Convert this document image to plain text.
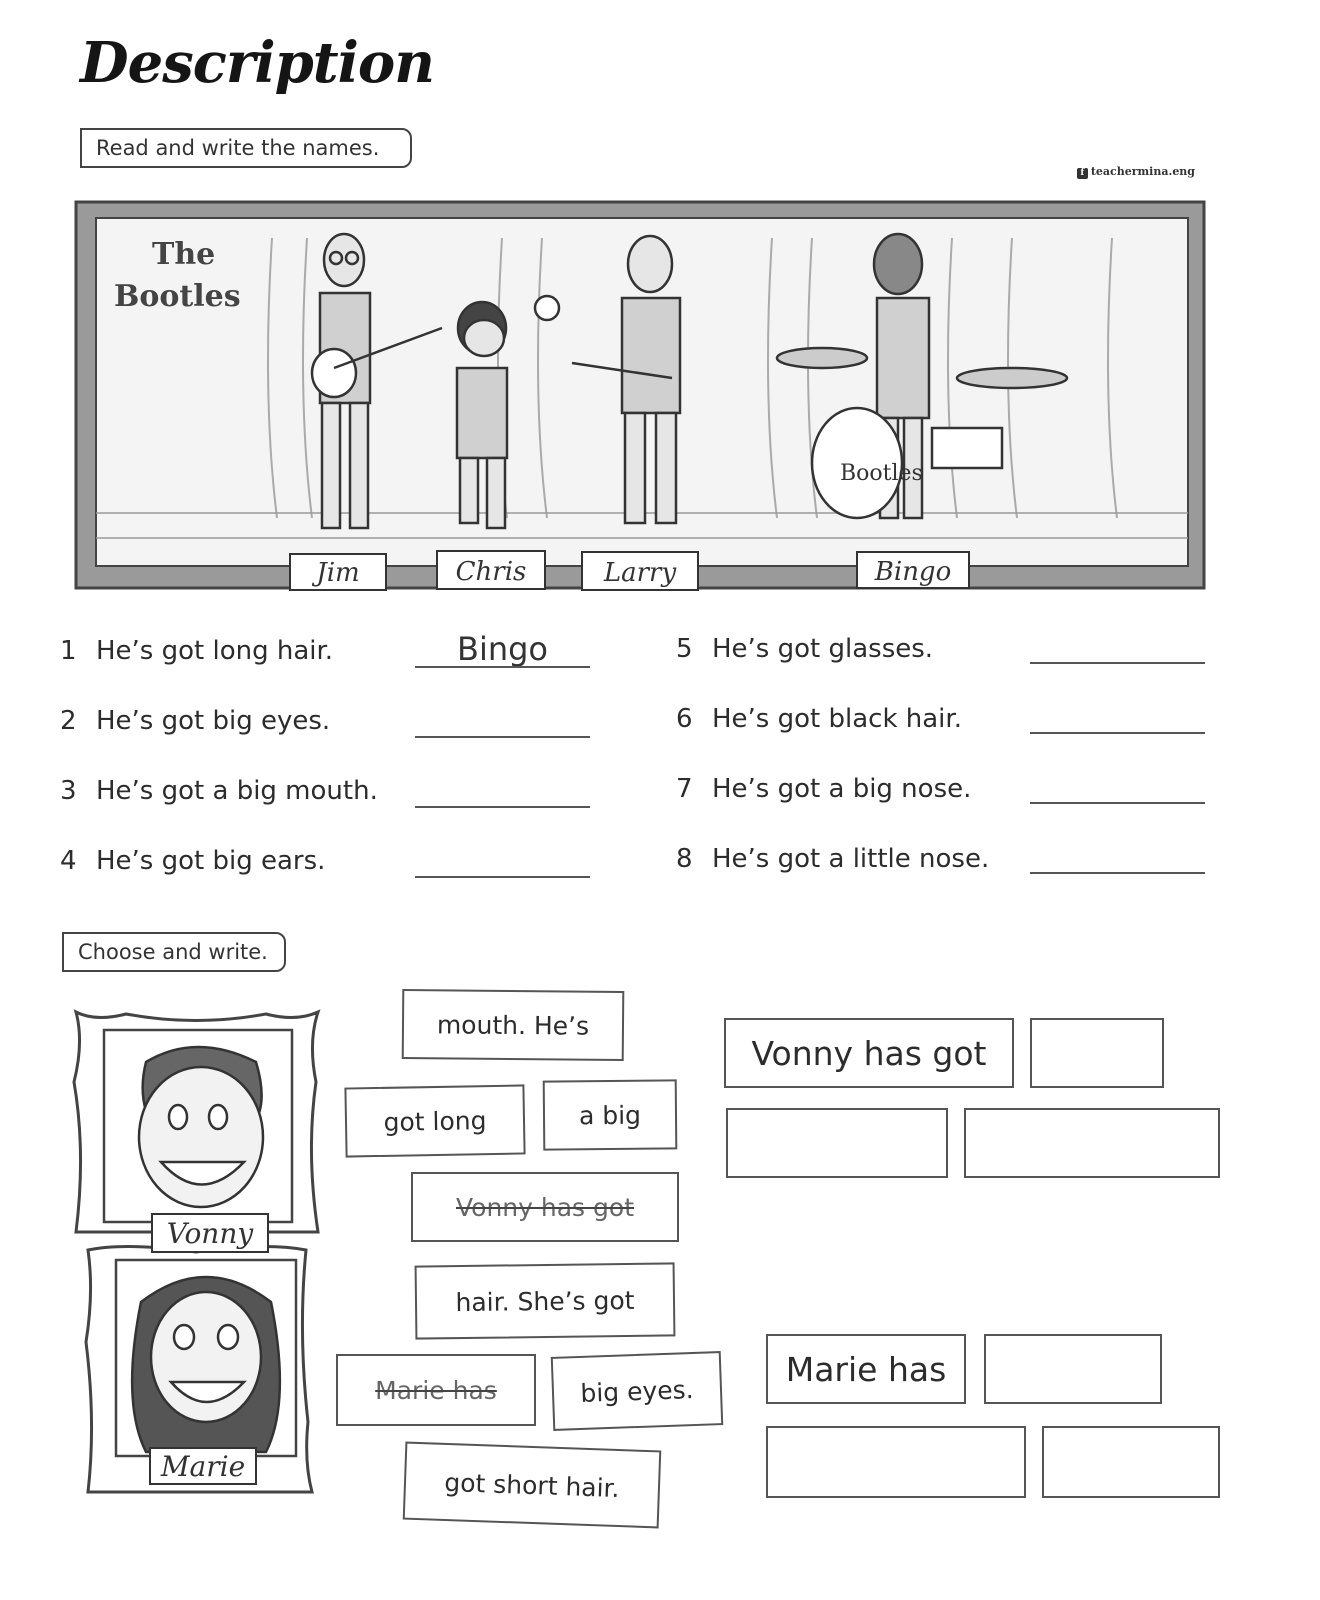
Description
Read and write the names.
f teachermina.eng
The
Bootles
Bootles
Jim	Chris	Larry	Bingo
1 He’s got long hair.	Bingo
2 He’s got big eyes.
3 He’s got a big mouth.
4 He’s got big ears.
5 He’s got glasses.
6 He’s got black hair.
7 He’s got a big nose.
8 He’s got a little nose.
Choose and write.
Vonny
Marie
mouth. He’s
got long	a big
Vonny has got
hair. She’s got
Marie has	big eyes.
got short hair.
Vonny has got
Marie has
